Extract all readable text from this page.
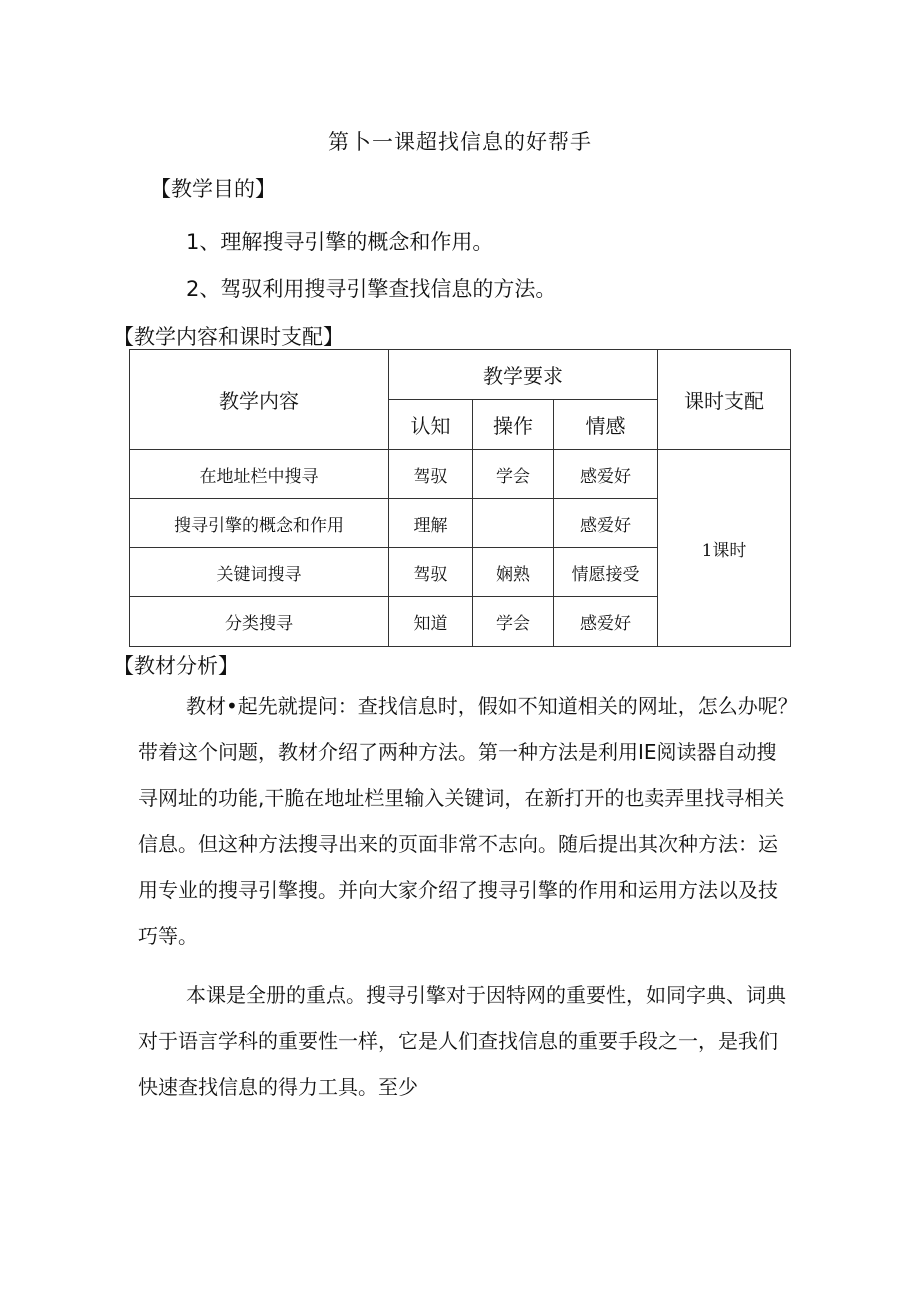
第卜一课超找信息的好帮手
【教学目的】
1、理解搜寻引擎的概念和作用。
2、驾驭利用搜寻引擎查找信息的方法。
【教学内容和课时支配】
教学内容	教学要求			课时支配
	认知	操作	情感	
在地址栏中搜寻	驾驭	学会	感爱好	1课时
搜寻引擎的概念和作用	理解		感爱好	
关键词搜寻	驾驭	娴熟	情愿接受	
分类搜寻	知道	学会	感爱好	
【教材分析】

教材•起先就提问：查找信息时，假如不知道相关的网址，怎么办呢？

带着这个问题，教材介绍了两种方法。第一种方法是利用IE阅读器自动搜

寻网址的功能,干脆在地址栏里输入关键词，在新打开的也卖弄里找寻相关

信息。但这种方法搜寻出来的页面非常不志向。随后提出其次种方法：运

用专业的搜寻引擎搜。并向大家介绍了搜寻引擎的作用和运用方法以及技

巧等。

本课是全册的重点。搜寻引擎对于因特网的重要性，如同字典、词典

对于语言学科的重要性一样，它是人们查找信息的重要手段之一，是我们

快速查找信息的得力工具。至少
